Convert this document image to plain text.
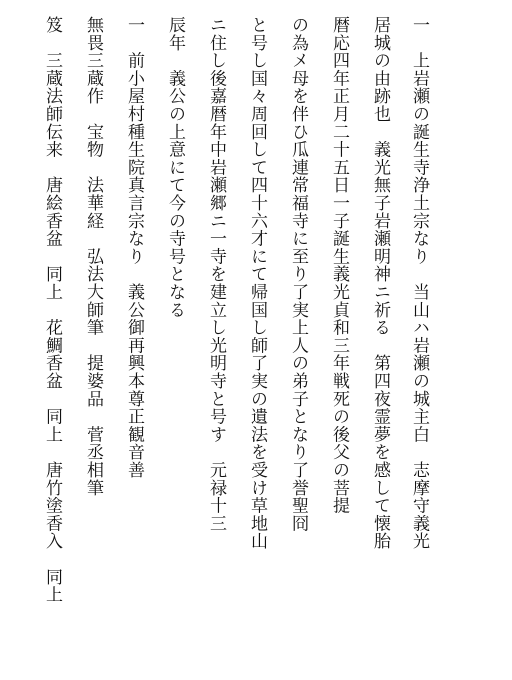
一　上岩瀬の誕生寺浄土宗なり　当山ハ岩瀬の城主白　志摩守義光
居城の由跡也　義光無子岩瀬明神ニ祈る　第四夜霊夢を感して懐胎
暦応四年正月二十五日一子誕生義光貞和三年戦死の後父の菩提
の為メ母を伴ひ瓜連常福寺に至り了実上人の弟子となり了誉聖冏
と号し国々周回して四十六才にて帰国し師了実の遺法を受け草地山
ニ住し後嘉暦年中岩瀬郷ニ一寺を建立し光明寺と号す　元禄十三
辰年　義公の上意にて今の寺号となる
一　前小屋村種生院真言宗なり　義公御再興本尊正観音善
無畏三蔵作　宝物　法華経　弘法大師筆　提婆品　菅丞相筆
笈　三蔵法師伝来　唐絵香盆　同上　花鯛香盆　同上　唐竹塗香入　同上
